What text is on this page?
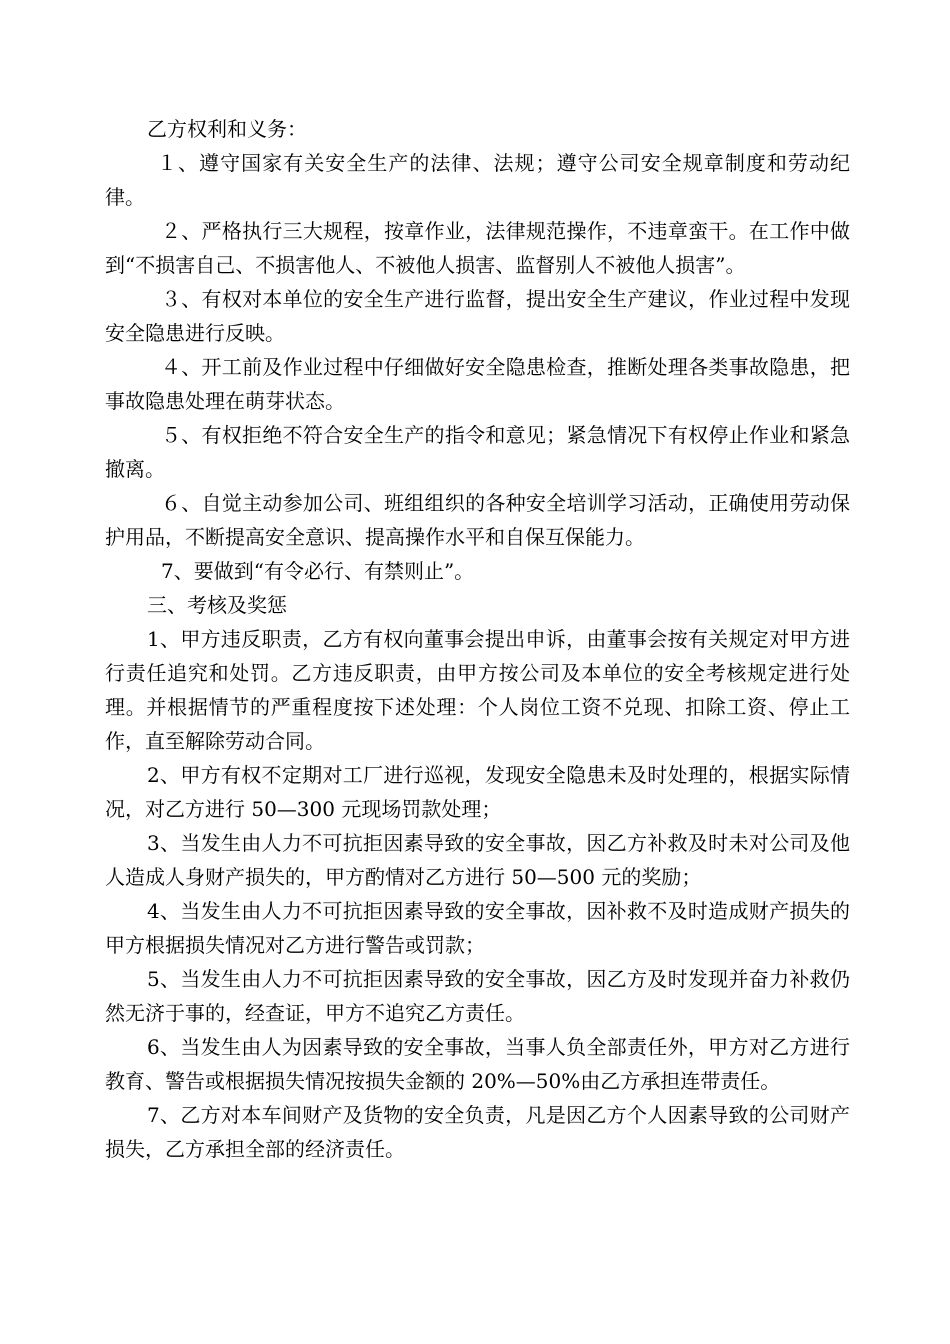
乙方权利和义务：

１、遵守国家有关安全生产的法律、法规；遵守公司安全规章制度和劳动纪律。

２、严格执行三大规程，按章作业，法律规范操作，不违章蛮干。在工作中做到“不损害自己、不损害他人、不被他人损害、监督别人不被他人损害”。

３、有权对本单位的安全生产进行监督，提出安全生产建议，作业过程中发现安全隐患进行反映。

４、开工前及作业过程中仔细做好安全隐患检查，推断处理各类事故隐患，把事故隐患处理在萌芽状态。

５、有权拒绝不符合安全生产的指令和意见；紧急情况下有权停止作业和紧急撤离。

６、自觉主动参加公司、班组组织的各种安全培训学习活动，正确使用劳动保护用品，不断提高安全意识、提高操作水平和自保互保能力。

7、要做到“有令必行、有禁则止”。

三、考核及奖惩

1、甲方违反职责，乙方有权向董事会提出申诉，由董事会按有关规定对甲方进行责任追究和处罚。乙方违反职责，由甲方按公司及本单位的安全考核规定进行处理。并根据情节的严重程度按下述处理：个人岗位工资不兑现、扣除工资、停止工作，直至解除劳动合同。

2、甲方有权不定期对工厂进行巡视，发现安全隐患未及时处理的，根据实际情况，对乙方进行 50—300 元现场罚款处理；

3、当发生由人力不可抗拒因素导致的安全事故，因乙方补救及时未对公司及他人造成人身财产损失的，甲方酌情对乙方进行 50—500 元的奖励；

4、当发生由人力不可抗拒因素导致的安全事故，因补救不及时造成财产损失的甲方根据损失情况对乙方进行警告或罚款；

5、当发生由人力不可抗拒因素导致的安全事故，因乙方及时发现并奋力补救仍然无济于事的，经查证，甲方不追究乙方责任。

6、当发生由人为因素导致的安全事故，当事人负全部责任外，甲方对乙方进行教育、警告或根据损失情况按损失金额的 20%—50%由乙方承担连带责任。

7、乙方对本车间财产及货物的安全负责，凡是因乙方个人因素导致的公司财产损失，乙方承担全部的经济责任。
